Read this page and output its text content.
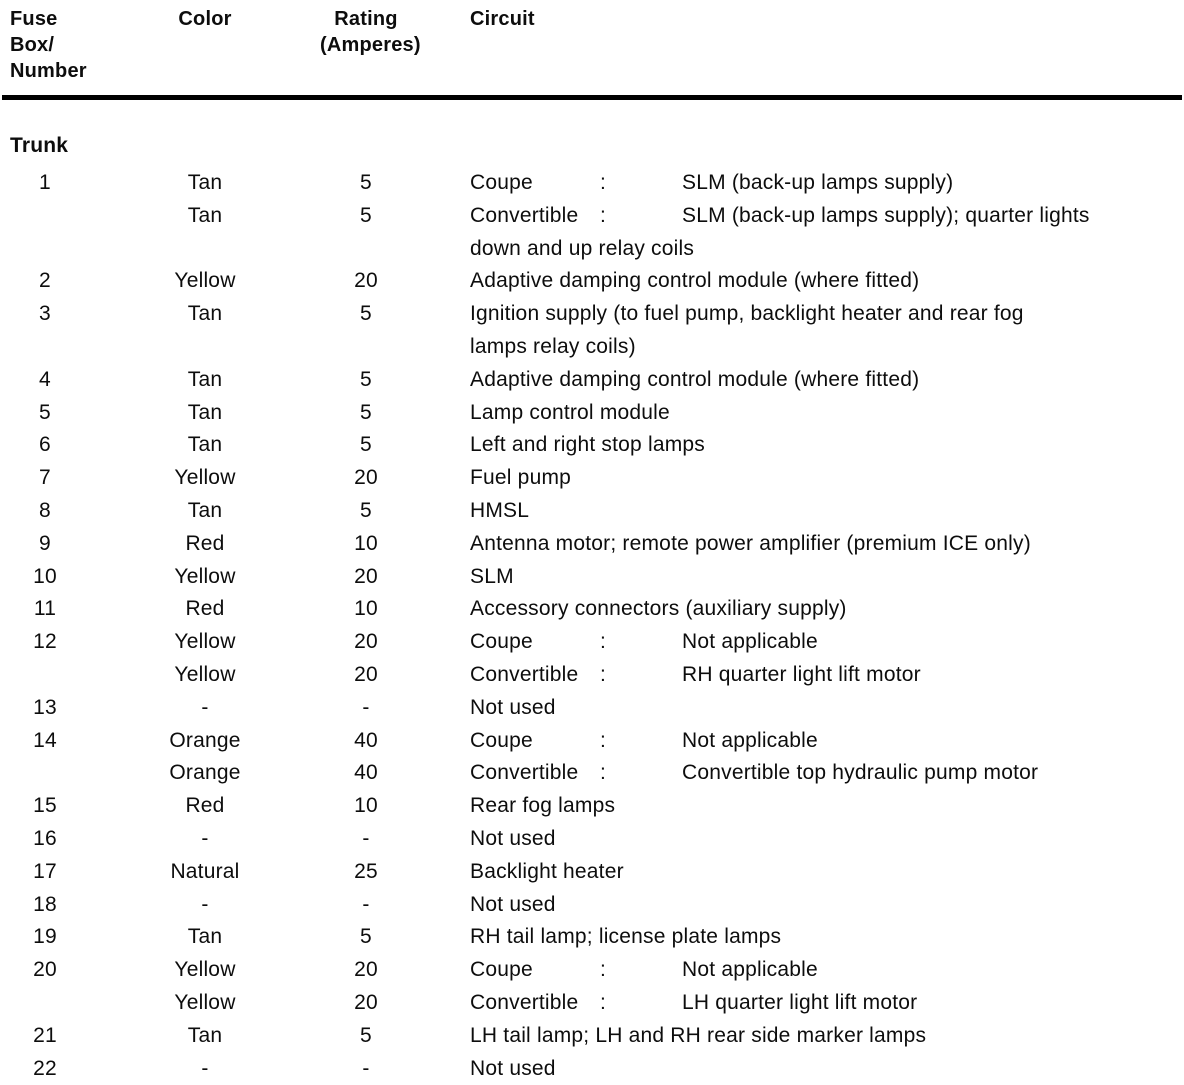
Fuse Box/
Number
Color	Rating
(Amperes)
Circuit
Trunk
1	Tan	5	Coupe	:	SLM (back-up lamps supply)
Tan	5	Convertible :	SLM (back-up lamps supply); quarter lights
down and up relay coils
2	Yellow	20	Adaptive damping control module (where fitted)
3	Tan	5	Ignition supply (to fuel pump, backlight heater and rear fog
lamps relay coils)
4	Tan	5	Adaptive damping control module (where fitted)
5	Tan	5	Lamp control module
6	Tan	5	Left and right stop lamps
7	Yellow	20	Fuel pump
8	Tan	5	HMSL
9	Red	10	Antenna motor; remote power amplifier (premium ICE only)
10	Yellow	20	SLM
11	Red	10	Accessory connectors (auxiliary supply)
12	Yellow	20	Coupe	:	Not applicable
Yellow	20	Convertible :	RH quarter light lift motor
13	-	-	Not used
14	Orange	40	Coupe	:	Not applicable
Orange	40	Convertible :	Convertible top hydraulic pump motor
15	Red	10	Rear fog lamps
16	-	-	Not used
17	Natural	25	Backlight heater
18	-	-	Not used
19	Tan	5	RH tail lamp; license plate lamps
20	Yellow	20	Coupe	:	Not applicable
Yellow	20	Convertible :	LH quarter light lift motor
21	Tan	5	LH tail lamp; LH and RH rear side marker lamps
22	-	-	Not used
